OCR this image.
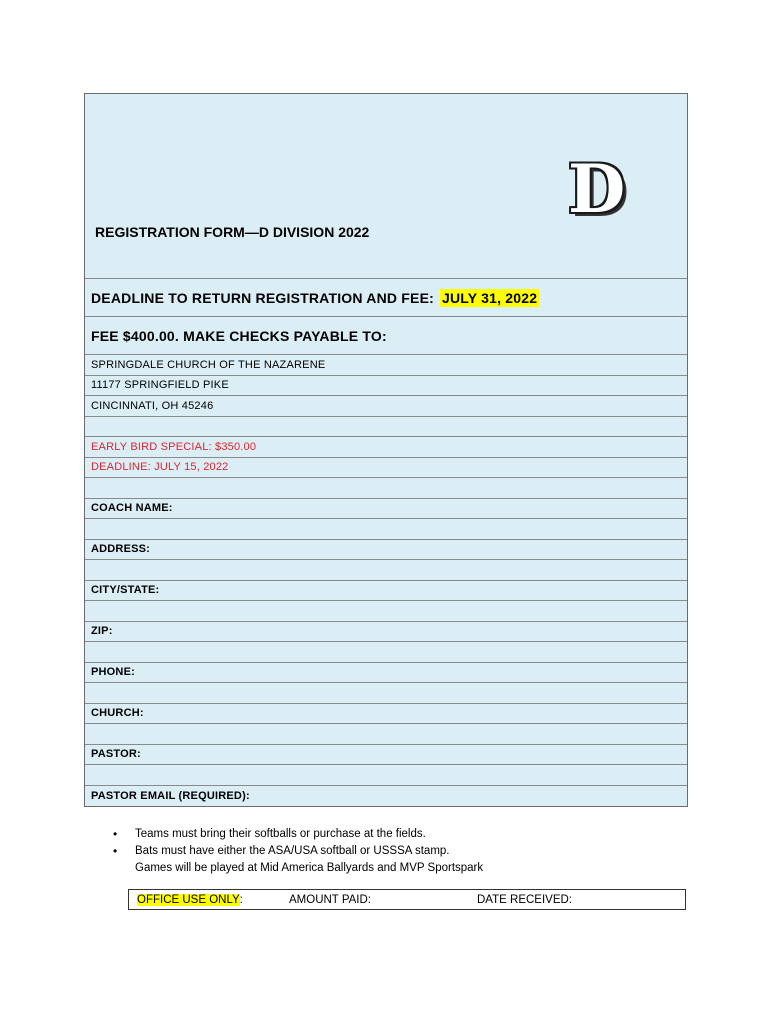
REGISTRATION FORM—D DIVISION 2022
D
DEADLINE TO RETURN REGISTRATION AND FEE: JULY 31, 2022
FEE $400.00. MAKE CHECKS PAYABLE TO:
SPRINGDALE CHURCH OF THE NAZARENE
11177 SPRINGFIELD PIKE
CINCINNATI, OH 45246
EARLY BIRD SPECIAL: $350.00
DEADLINE: JULY 15, 2022
COACH NAME:
ADDRESS:
CITY/STATE:
ZIP:
PHONE:
CHURCH:
PASTOR:
PASTOR EMAIL (REQUIRED):
• Teams must bring their softballs or purchase at the fields.
• Bats must have either the ASA/USA softball or USSSA stamp.
Games will be played at Mid America Ballyards and MVP Sportspark
OFFICE USE ONLY :	AMOUNT PAID:	DATE RECEIVED:
